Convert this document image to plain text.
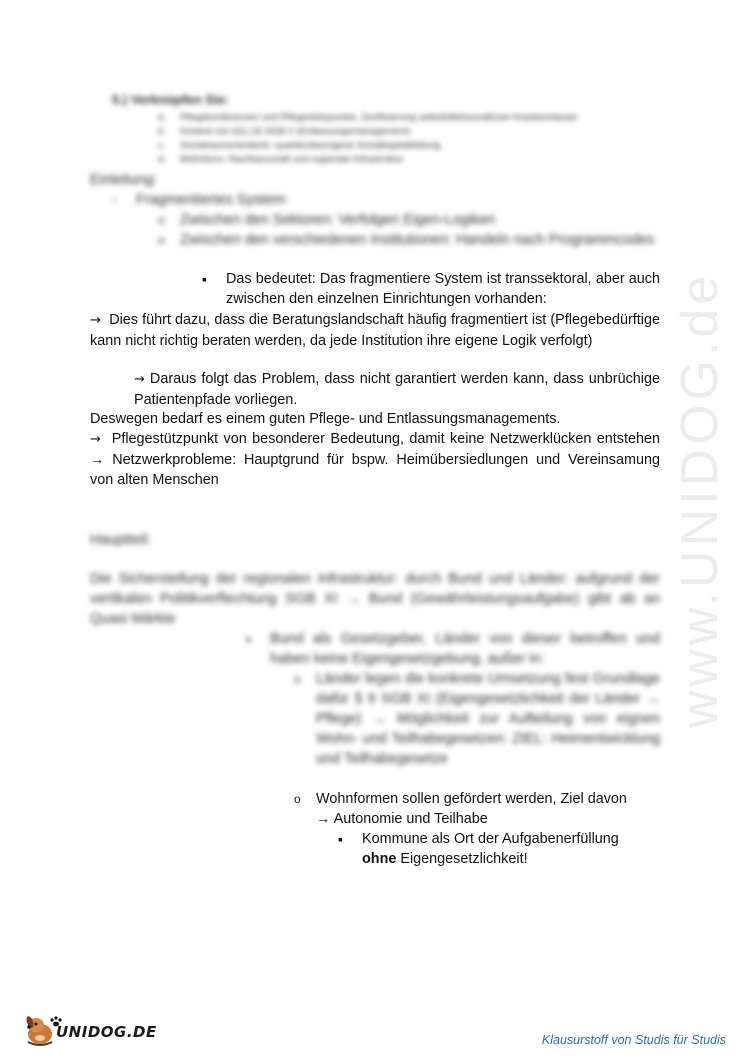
www.UNIDOG.de
5.) Verknüpfen Sie:
a. Pflegekonferenzen und Pflegestützpunkte, Zertifizierung selbsthilfefreundlicher Krankenhäuser
b. Kontext von §11 (4) SGB V (Entlassungsmanagement)
c. Sozialraumorientierte, quartiersbezogene Sozialkapitalbildung
d. Wohnform, Nachbarschaft und regionale Infrastruktur
Einleitung:
- Fragmentiertes System:
o Zwischen den Sektoren: Verfolgen Eigen-Logiken
o Zwischen den verschiedenen Institutionen: Handeln nach Programmcodes
▪ Das bedeutet: Das fragmentiere System ist transsektoral, aber auch zwischen den einzelnen Einrichtungen vorhanden:
→ Dies führt dazu, dass die Beratungslandschaft häufig fragmentiert ist (Pflegebedürftige kann nicht richtig beraten werden, da jede Institution ihre eigene Logik verfolgt)
→ Daraus folgt das Problem, dass nicht garantiert werden kann, dass unbrüchige Patientenpfade vorliegen.
Deswegen bedarf es einem guten Pflege- und Entlassungsmanagements.
→ Pflegestützpunkt von besonderer Bedeutung, damit keine Netzwerklücken entstehen → Netzwerkprobleme: Hauptgrund für bspw. Heimübersiedlungen und Vereinsamung von alten Menschen
Hauptteil:
Die Sicherstellung der regionalen Infrastruktur: durch Bund und Länder: aufgrund der vertikalen Politikverflechtung SGB XI → Bund (Gewährleistungsaufgabe) gibt ab an Quasi Märkte
▪ Bund als Gesetzgeber, Länder von dieser betroffen und haben keine Eigengesetzgebung, außer in:
o Länder legen die konkrete Umsetzung fest Grundlage dafür § 9 SGB XI (Eigengesetzlichkeit der Länder → Pflege) → Möglichkeit zur Aufteilung von eignen Wohn- und Teilhabegesetzen: ZIEL: Heimentwicklung und Teilhabegesetze
o Wohnformen sollen gefördert werden, Ziel davon
→ Autonomie und Teilhabe
▪ Kommune als Ort der Aufgabenerfüllung
ohne Eigengesetzlichkeit!
UNIDOG.DE	Klausurstoff von Studis für Studis
